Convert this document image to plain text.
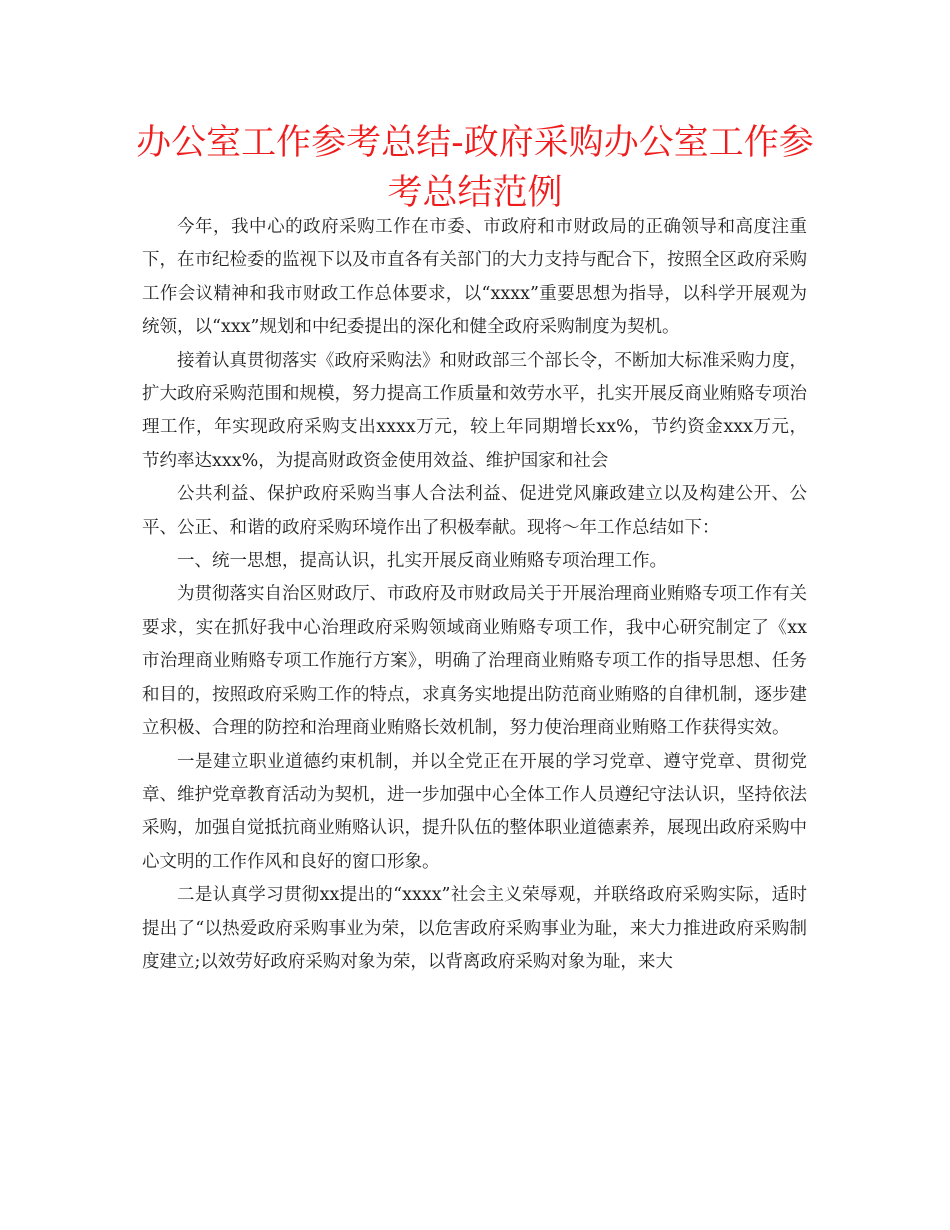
办公室工作参考总结-政府采购办公室工作参考总结范例

今年，我中心的政府采购工作在市委、市政府和市财政局的正确领导和高度注重下，在市纪检委的监视下以及市直各有关部门的大力支持与配合下，按照全区政府采购工作会议精神和我市财政工作总体要求，以“xxxx”重要思想为指导，以科学开展观为统领，以“xxx”规划和中纪委提出的深化和健全政府采购制度为契机。

接着认真贯彻落实《政府采购法》和财政部三个部长令，不断加大标准采购力度，扩大政府采购范围和规模，努力提高工作质量和效劳水平，扎实开展反商业贿赂专项治理工作，年实现政府采购支出xxxx万元，较上年同期增长xx%，节约资金xxx万元，节约率达xxx%，为提高财政资金使用效益、维护国家和社会

公共利益、保护政府采购当事人合法利益、促进党风廉政建立以及构建公开、公平、公正、和谐的政府采购环境作出了积极奉献。现将～年工作总结如下：

一、统一思想，提高认识，扎实开展反商业贿赂专项治理工作。

为贯彻落实自治区财政厅、市政府及市财政局关于开展治理商业贿赂专项工作有关要求，实在抓好我中心治理政府采购领域商业贿赂专项工作，我中心研究制定了《xx市治理商业贿赂专项工作施行方案》，明确了治理商业贿赂专项工作的指导思想、任务和目的，按照政府采购工作的特点，求真务实地提出防范商业贿赂的自律机制，逐步建立积极、合理的防控和治理商业贿赂长效机制，努力使治理商业贿赂工作获得实效。

一是建立职业道德约束机制，并以全党正在开展的学习党章、遵守党章、贯彻党章、维护党章教育活动为契机，进一步加强中心全体工作人员遵纪守法认识，坚持依法采购，加强自觉抵抗商业贿赂认识，提升队伍的整体职业道德素养，展现出政府采购中心文明的工作作风和良好的窗口形象。

二是认真学习贯彻xx提出的“xxxx”社会主义荣辱观，并联络政府采购实际，适时提出了“以热爱政府采购事业为荣，以危害政府采购事业为耻，来大力推进政府采购制度建立;以效劳好政府采购对象为荣，以背离政府采购对象为耻，来大
